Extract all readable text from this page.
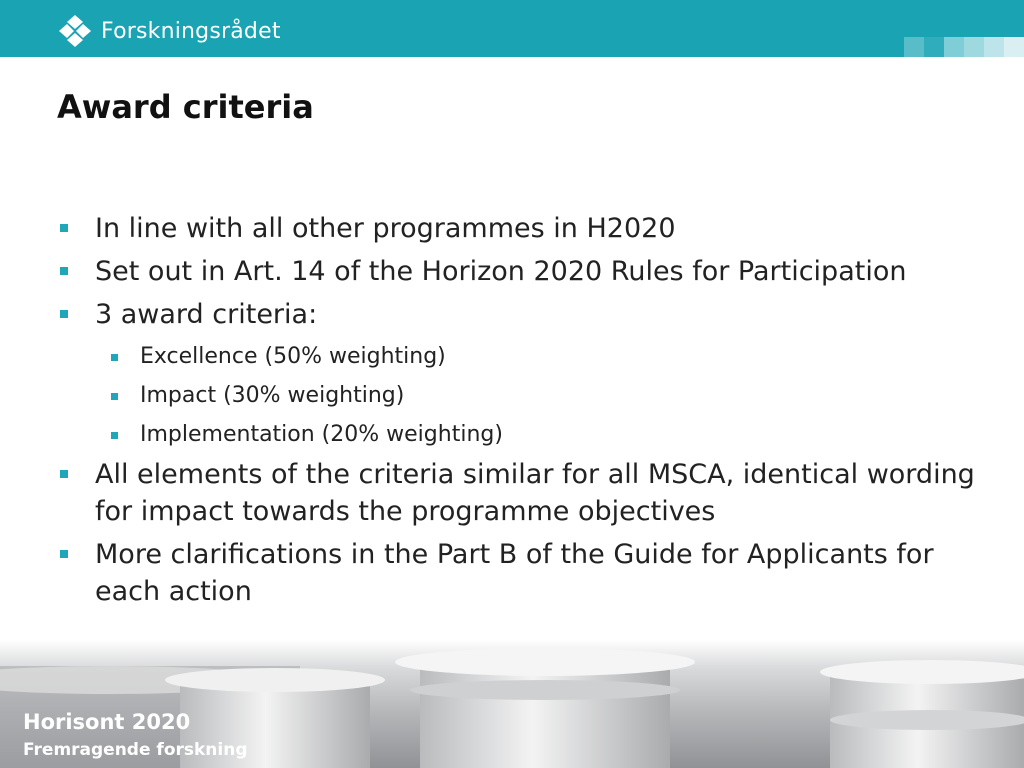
Forskningsrådet
Award criteria
In line with all other programmes in H2020
Set out in Art. 14 of the Horizon 2020 Rules for Participation
3 award criteria:
Excellence (50% weighting)
Impact (30% weighting)
Implementation (20% weighting)
All elements of the criteria similar for all MSCA, identical wording for impact towards the programme objectives
More clarifications in the Part B of the Guide for Applicants for each action
Horisont 2020
Fremragende forskning
